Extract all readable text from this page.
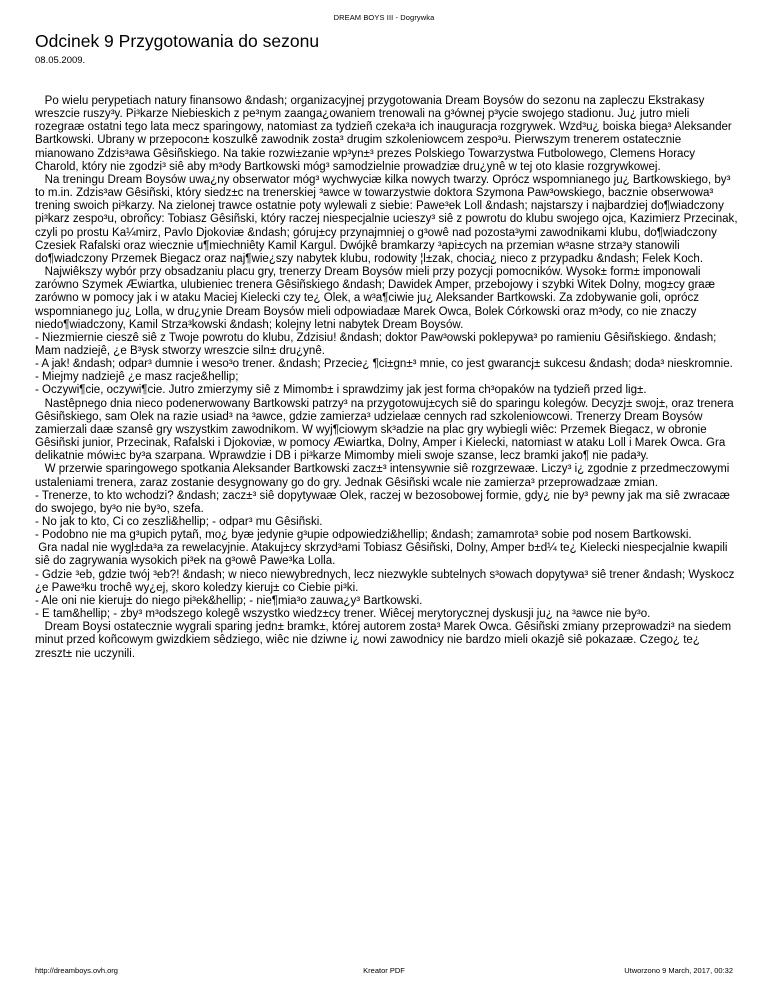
DREAM BOYS III - Dogrywka
Odcinek 9 Przygotowania do sezonu
08.05.2009.
Po wielu perypetiach natury finansowo &ndash; organizacyjnej przygotowania Dream Boysów do sezonu na zapleczu Ekstrakasy wreszcie ruszy³y. Pi³karze Niebieskich z pe³nym zaanga¿owaniem trenowali na g³ównej p³ycie swojego stadionu. Ju¿ jutro mieli rozegraæ ostatni tego lata mecz sparingowy, natomiast za tydzieñ czeka³a ich inauguracja rozgrywek. Wzd³u¿ boiska biega³ Aleksander Bartkowski. Ubrany w przepocon± koszulkê zawodnik zosta³ drugim szkoleniowcem zespo³u. Pierwszym trenerem ostatecznie mianowano Zdzis³awa Gêsiñskiego. Na takie rozwi±zanie wp³yn±³ prezes Polskiego Towarzystwa Futbolowego, Clemens Horacy Charold, który nie zgodzi³ siê aby m³ody Bartkowski móg³ samodzielnie prowadziæ dru¿ynê w tej oto klasie rozgrywkowej.
Na treningu Dream Boysów uwa¿ny obserwator móg³ wychwyciæ kilka nowych twarzy. Oprócz wspomnianego ju¿ Bartkowskiego, by³ to m.in. Zdzis³aw Gêsiñski, który siedz±c na trenerskiej ³awce w towarzystwie doktora Szymona Paw³owskiego, bacznie obserwowa³ trening swoich pi³karzy. Na zielonej trawce ostatnie poty wylewali z siebie: Pawe³ek Loll &ndash; najstarszy i najbardziej do¶wiadczony pi³karz zespo³u, obroñcy: Tobiasz Gêsiñski, który raczej niespecjalnie ucieszy³ siê z powrotu do klubu swojego ojca, Kazimierz Przecinak, czyli po prostu Ka¼mirz, Pavlo Djokoviæ &ndash; góruj±cy przynajmniej o g³owê nad pozosta³ymi zawodnikami klubu, do¶wiadczony Czesiek Rafalski oraz wiecznie u¶miechniêty Kamil Kargul. Dwójkê bramkarzy ³api±cych na przemian w³asne strza³y stanowili do¶wiadczony Przemek Biegacz oraz naj¶wie¿szy nabytek klubu, rodowity ¦l±zak, chocia¿ nieco z przypadku &ndash; Felek Koch.
Najwiêkszy wybór przy obsadzaniu placu gry, trenerzy Dream Boysów mieli przy pozycji pomocników. Wysok± form± imponowali zarówno Szymek Æwiartka, ulubieniec trenera Gêsiñskiego &ndash; Dawidek Amper, przebojowy i szybki Witek Dolny, mog±cy graæ zarówno w pomocy jak i w ataku Maciej Kielecki czy te¿ Olek, a w³a¶ciwie ju¿ Aleksander Bartkowski. Za zdobywanie goli, oprócz wspomnianego ju¿ Lolla, w dru¿ynie Dream Boysów mieli odpowiadaæ Marek Owca, Bolek Córkowski oraz m³ody, co nie znaczy niedo¶wiadczony, Kamil Strza³kowski &ndash; kolejny letni nabytek Dream Boysów.
- Niezmiernie cieszê siê z Twoje powrotu do klubu, Zdzisiu! &ndash; doktor Paw³owski poklepywa³ po ramieniu Gêsiñskiego. &ndash; Mam nadziejê, ¿e B³ysk stworzy wreszcie siln± dru¿ynê.
- A jak! &ndash; odpar³ dumnie i weso³o trener. &ndash; Przecie¿ ¶ci±gn±³ mnie, co jest gwarancj± sukcesu &ndash; doda³ nieskromnie.
- Miejmy nadziejê ¿e masz racje&hellip;
- Oczywi¶cie, oczywi¶cie. Jutro zmierzymy siê z Mimomb± i sprawdzimy jak jest forma ch³opaków na tydzieñ przed lig±.
Nastêpnego dnia nieco podenerwowany Bartkowski patrzy³ na przygotowuj±cych siê do sparingu kolegów. Decyzj± swoj±, oraz trenera Gêsiñskiego, sam Olek na razie usiad³ na ³awce, gdzie zamierza³ udzielaæ cennych rad szkoleniowcowi. Trenerzy Dream Boysów zamierzali daæ szansê gry wszystkim zawodnikom. W wyj¶ciowym sk³adzie na plac gry wybiegli wiêc: Przemek Biegacz, w obronie Gêsiñski junior, Przecinak, Rafalski i Djokoviæ, w pomocy Æwiartka, Dolny, Amper i Kielecki, natomiast w ataku Loll i Marek Owca. Gra delikatnie mówi±c by³a szarpana. Wprawdzie i DB i pi³karze Mimomby mieli swoje szanse, lecz bramki jako¶ nie pada³y.
W przerwie sparingowego spotkania Aleksander Bartkowski zacz±³ intensywnie siê rozgrzewaæ. Liczy³ i¿ zgodnie z przedmeczowymi ustaleniami trenera, zaraz zostanie desygnowany go do gry. Jednak Gêsiñski wcale nie zamierza³ przeprowadzaæ zmian.
- Trenerze, to kto wchodzi? &ndash; zacz±³ siê dopytywaæ Olek, raczej w bezosobowej formie, gdy¿ nie by³ pewny jak ma siê zwracaæ do swojego, by³o nie by³o, szefa.
- No jak to kto, Ci co zeszli&hellip; - odpar³ mu Gêsiñski.
- Podobno nie ma g³upich pytañ, mo¿ byæ jedynie g³upie odpowiedzi&hellip; &ndash; zamamrota³ sobie pod nosem Bartkowski.
Gra nadal nie wygl±da³a za rewelacyjnie. Atakuj±cy skrzyd³ami Tobiasz Gêsiñski, Dolny, Amper b±d¼ te¿ Kielecki niespecjalnie kwapili siê do zagrywania wysokich pi³ek na g³owê Pawe³ka Lolla.
- Gdzie ³eb, gdzie twój ³eb?! &ndash; w nieco niewybrednych, lecz niezwykle subtelnych s³owach dopytywa³ siê trener &ndash; Wyskocz ¿e Pawe³ku trochê wy¿ej, skoro koledzy kieruj± co Ciebie pi³ki.
- Ale oni nie kieruj± do niego pi³ek&hellip; - nie¶mia³o zauwa¿y³ Bartkowski.
- E tam&hellip; - zby³ m³odszego kolegê wszystko wiedz±cy trener. Wiêcej merytorycznej dyskusji ju¿ na ³awce nie by³o.
Dream Boysi ostatecznie wygrali sparing jedn± bramk±, której autorem zosta³ Marek Owca. Gêsiñski zmiany przeprowadzi³ na siedem minut przed koñcowym gwizdkiem sêdziego, wiêc nie dziwne i¿ nowi zawodnicy nie bardzo mieli okazjê siê pokazaæ. Czego¿ te¿ zreszt± nie uczynili.
http://dreamboys.ovh.org	Kreator PDF	Utworzono 9 March, 2017, 00:32
